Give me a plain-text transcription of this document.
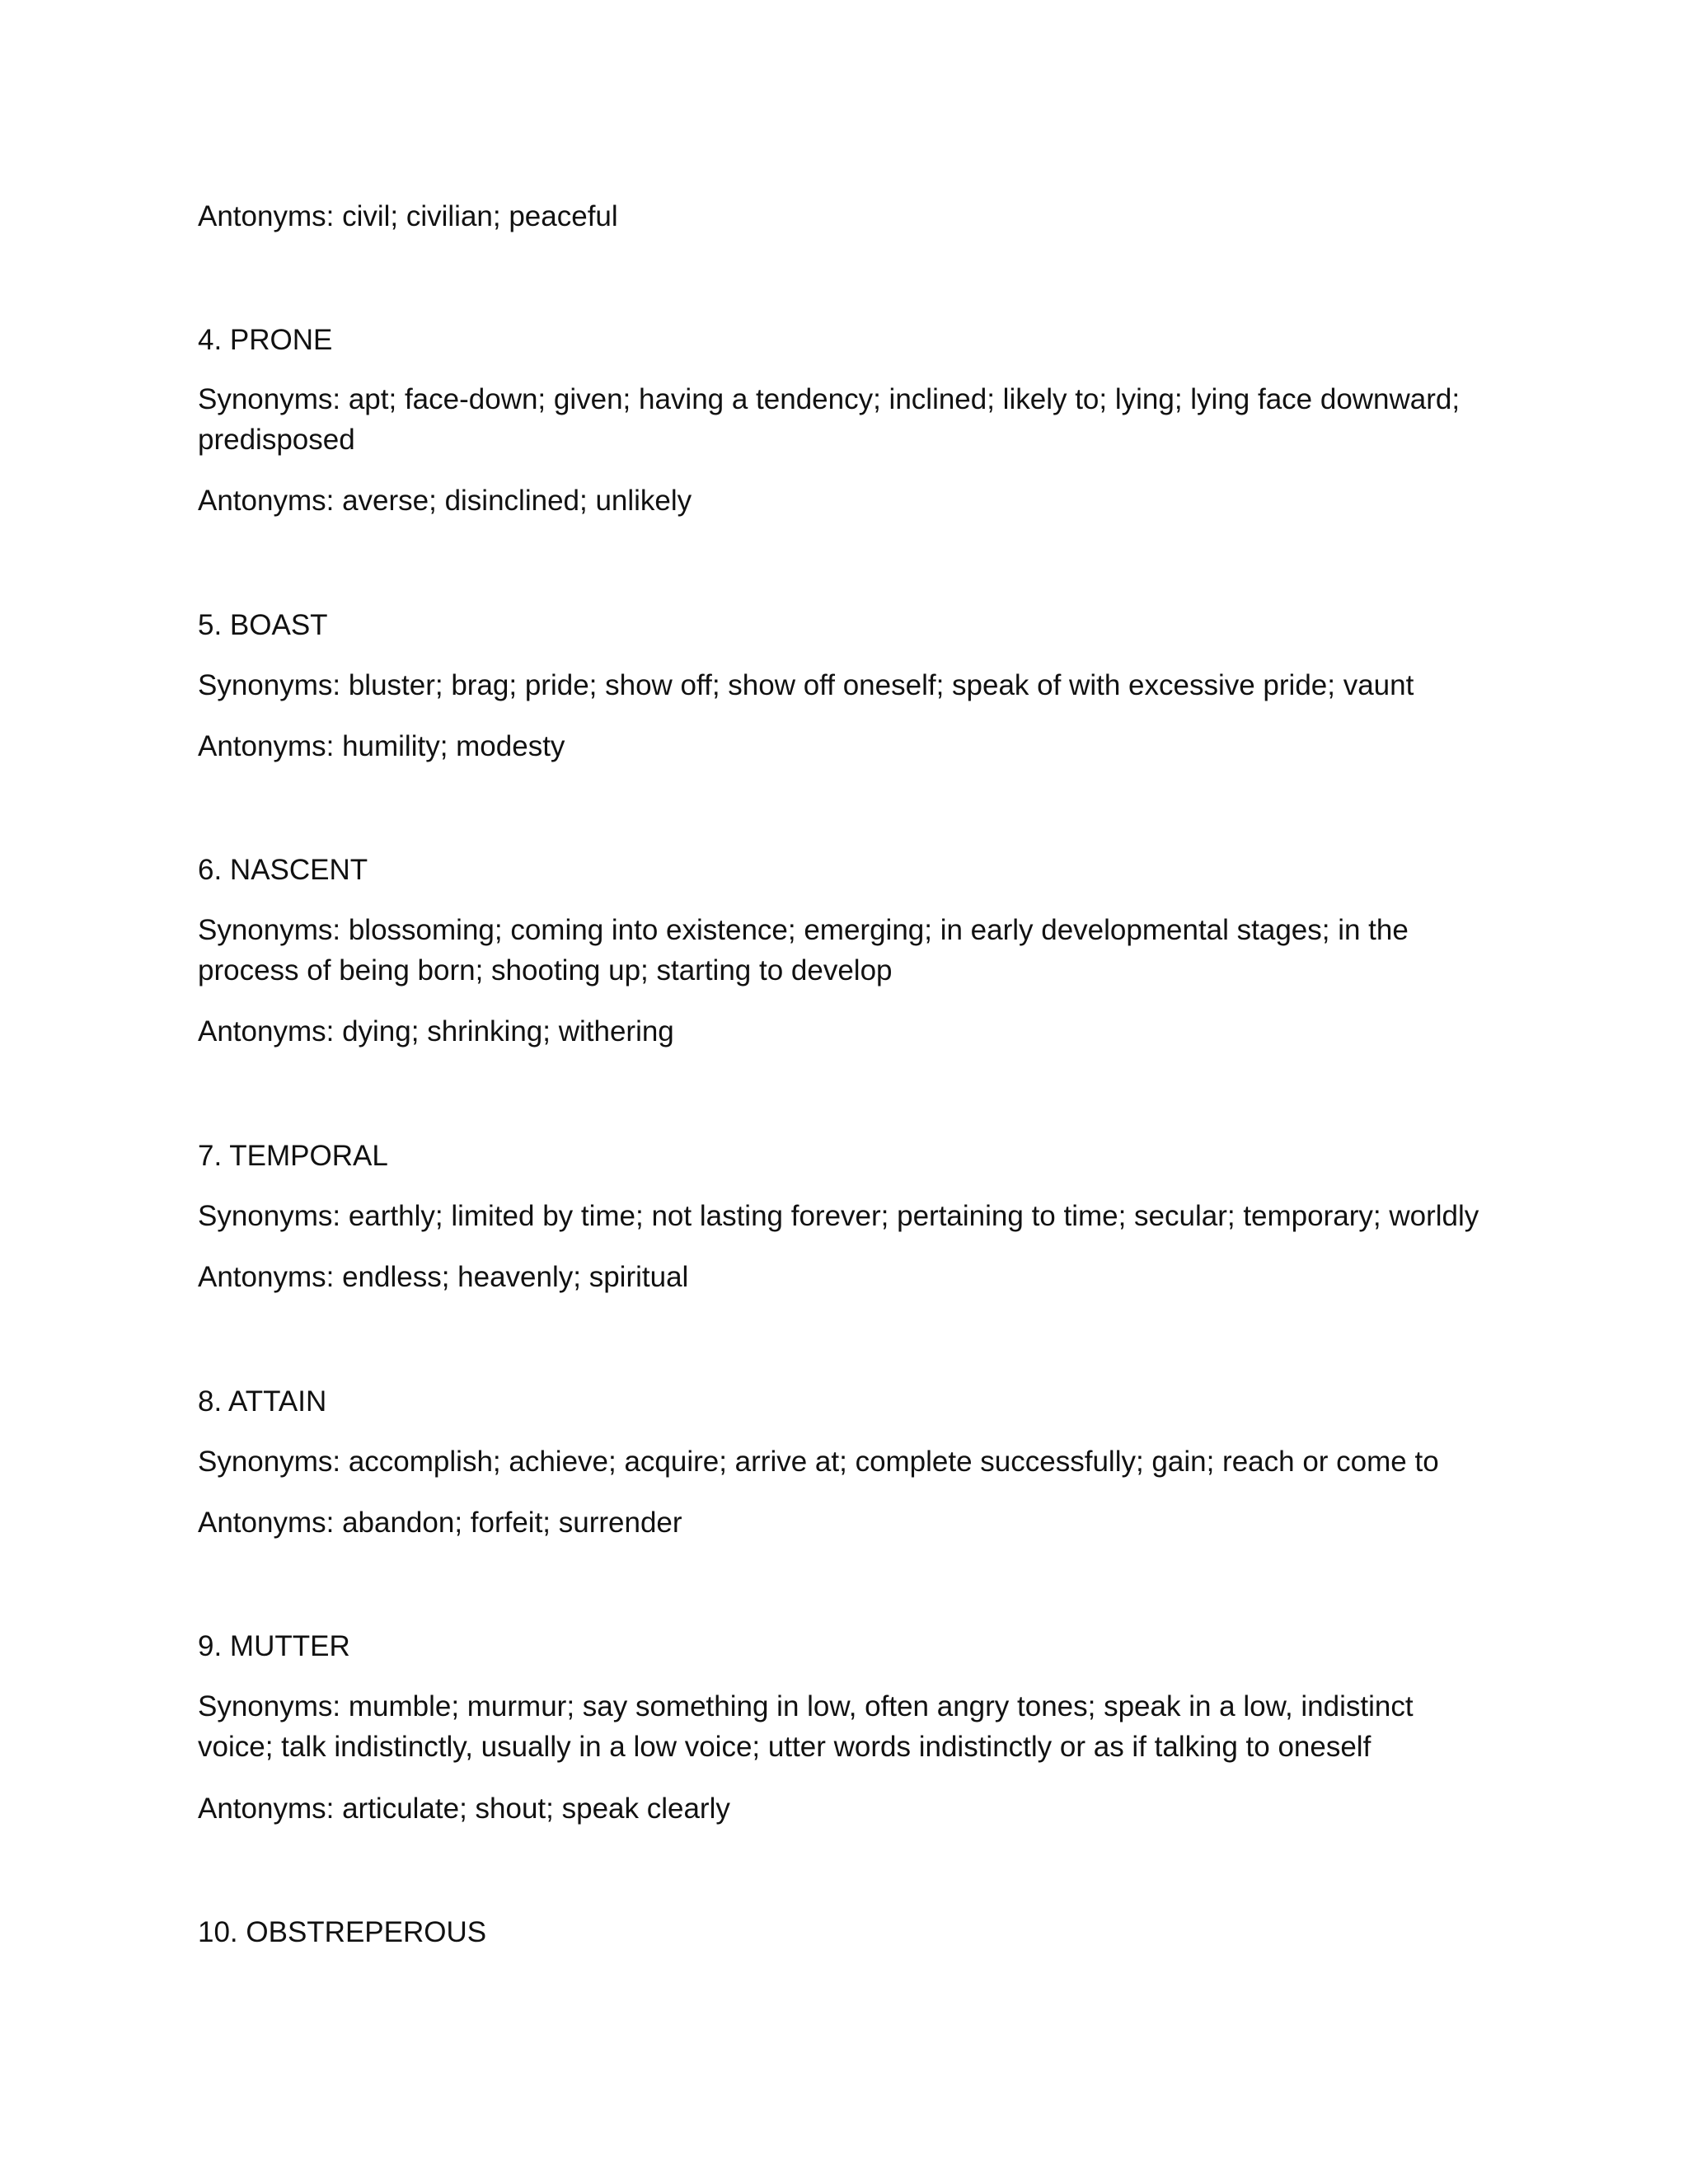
Antonyms: civil; civilian; peaceful
4. PRONE
Synonyms: apt; face-down; given; having a tendency; inclined; likely to; lying; lying face downward; predisposed
Antonyms: averse; disinclined; unlikely
5. BOAST
Synonyms: bluster; brag; pride; show off; show off oneself; speak of with excessive pride; vaunt
Antonyms: humility; modesty
6. NASCENT
Synonyms: blossoming; coming into existence; emerging; in early developmental stages; in the process of being born; shooting up; starting to develop
Antonyms: dying; shrinking; withering
7. TEMPORAL
Synonyms: earthly; limited by time; not lasting forever; pertaining to time; secular; temporary; worldly
Antonyms: endless; heavenly; spiritual
8. ATTAIN
Synonyms: accomplish; achieve; acquire; arrive at; complete successfully; gain; reach or come to
Antonyms: abandon; forfeit; surrender
9. MUTTER
Synonyms: mumble; murmur; say something in low, often angry tones; speak in a low, indistinct voice; talk indistinctly, usually in a low voice; utter words indistinctly or as if talking to oneself
Antonyms: articulate; shout; speak clearly
10. OBSTREPEROUS
